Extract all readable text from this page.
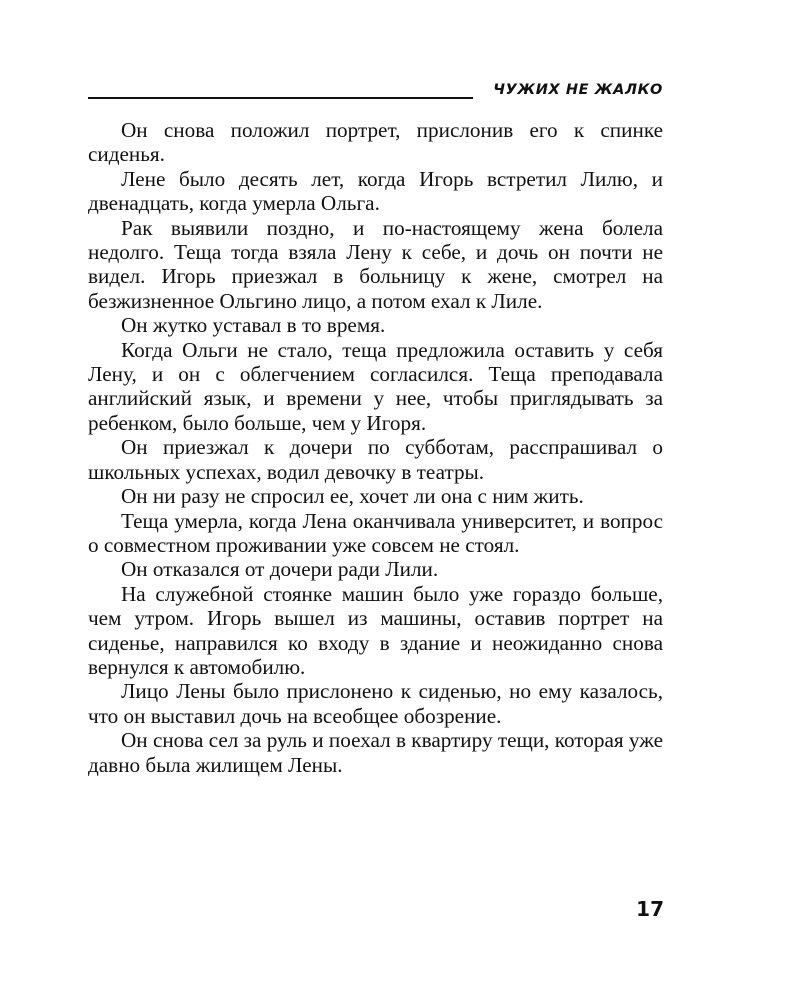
ЧУЖИХ НЕ ЖАЛКО

Он снова положил портрет, прислонив его к спинке сиденья.

Лене было десять лет, когда Игорь встретил Лилю, и двенадцать, когда умерла Ольга.

Рак выявили поздно, и по-настоящему жена болела недолго. Теща тогда взяла Лену к себе, и дочь он почти не видел. Игорь приезжал в больницу к жене, смотрел на безжизненное Ольгино лицо, а потом ехал к Лиле.

Он жутко уставал в то время.

Когда Ольги не стало, теща предложила оставить у себя Лену, и он с облегчением согласился. Теща преподавала английский язык, и времени у нее, чтобы приглядывать за ребенком, было больше, чем у Игоря.

Он приезжал к дочери по субботам, расспрашивал о школьных успехах, водил девочку в театры.

Он ни разу не спросил ее, хочет ли она с ним жить.

Теща умерла, когда Лена оканчивала университет, и вопрос о совместном проживании уже совсем не стоял.

Он отказался от дочери ради Лили.

На служебной стоянке машин было уже гораздо больше, чем утром. Игорь вышел из машины, оставив портрет на сиденье, направился ко входу в здание и неожиданно снова вернулся к автомобилю.

Лицо Лены было прислонено к сиденью, но ему казалось, что он выставил дочь на всеобщее обозрение.

Он снова сел за руль и поехал в квартиру тещи, которая уже давно была жилищем Лены.

17
